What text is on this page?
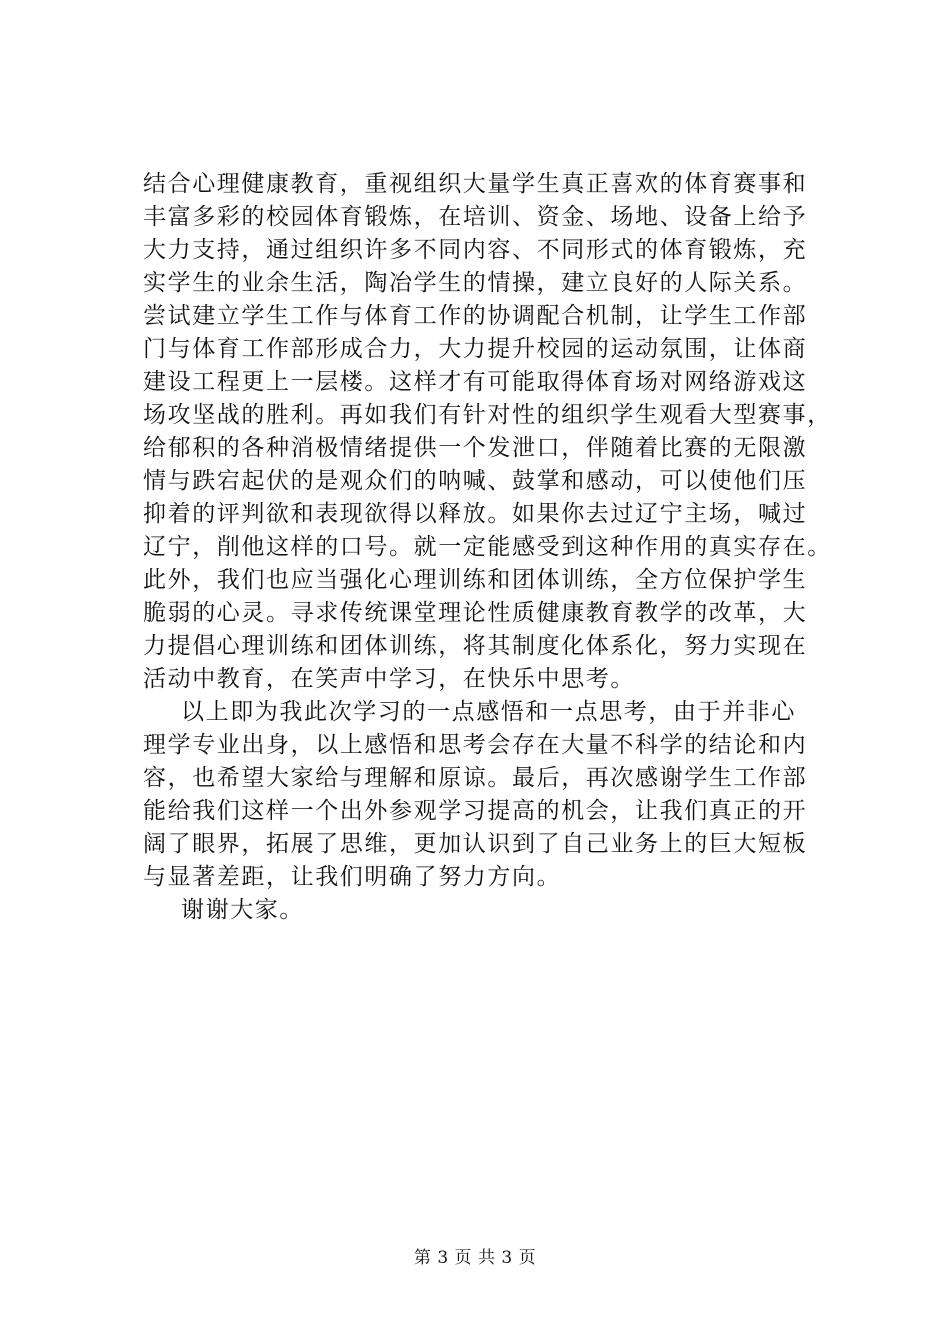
结合心理健康教育，重视组织大量学生真正喜欢的体育赛事和
丰富多彩的校园体育锻炼，在培训、资金、场地、设备上给予
大力支持，通过组织许多不同内容、不同形式的体育锻炼，充
实学生的业余生活，陶冶学生的情操，建立良好的人际关系。
尝试建立学生工作与体育工作的协调配合机制，让学生工作部
门与体育工作部形成合力，大力提升校园的运动氛围，让体商
建设工程更上一层楼。这样才有可能取得体育场对网络游戏这
场攻坚战的胜利。再如我们有针对性的组织学生观看大型赛事，
给郁积的各种消极情绪提供一个发泄口，伴随着比赛的无限激
情与跌宕起伏的是观众们的呐喊、鼓掌和感动，可以使他们压
抑着的评判欲和表现欲得以释放。如果你去过辽宁主场，喊过
辽宁，削他这样的口号。就一定能感受到这种作用的真实存在。
此外，我们也应当强化心理训练和团体训练，全方位保护学生
脆弱的心灵。寻求传统课堂理论性质健康教育教学的改革，大
力提倡心理训练和团体训练，将其制度化体系化，努力实现在
活动中教育，在笑声中学习，在快乐中思考。
以上即为我此次学习的一点感悟和一点思考，由于并非心
理学专业出身，以上感悟和思考会存在大量不科学的结论和内
容，也希望大家给与理解和原谅。最后，再次感谢学生工作部
能给我们这样一个出外参观学习提高的机会，让我们真正的开
阔了眼界，拓展了思维，更加认识到了自己业务上的巨大短板
与显著差距，让我们明确了努力方向。
谢谢大家。
第 3 页 共 3 页
